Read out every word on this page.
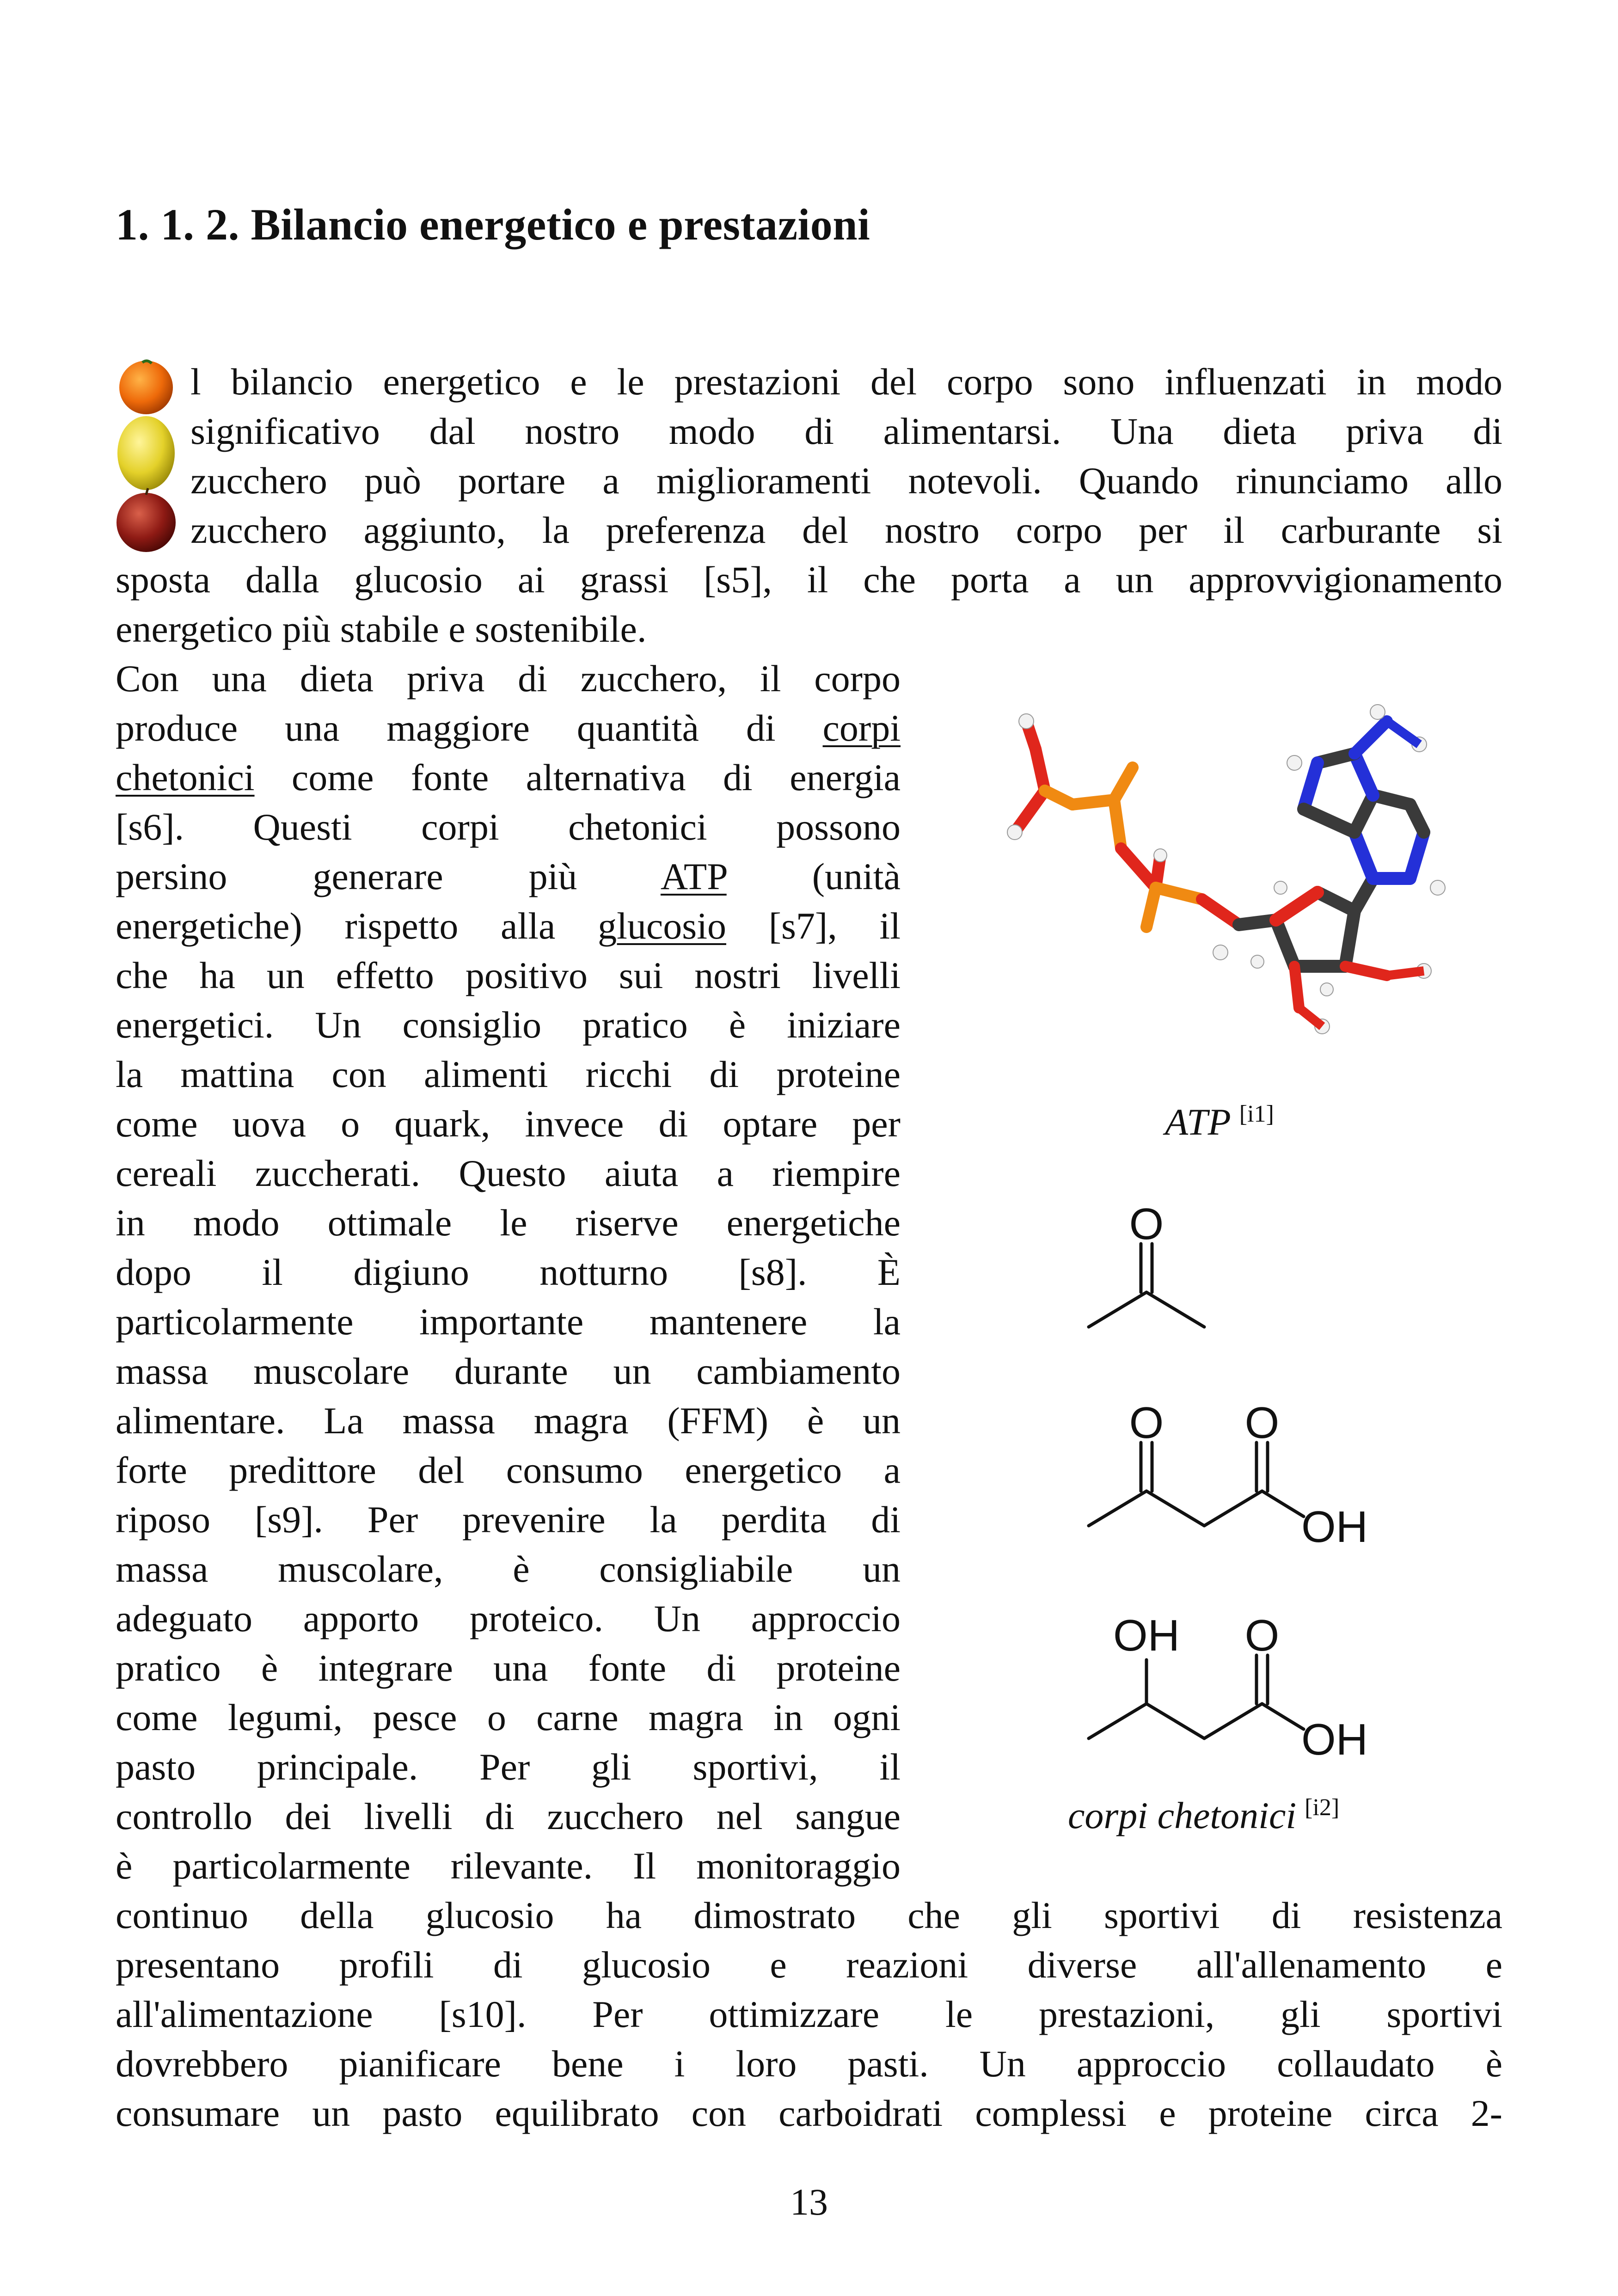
1. 1. 2. Bilancio energetico e prestazioni
l bilancio energetico e le prestazioni del corpo sono influenzati in modo
significativo dal nostro modo di alimentarsi. Una dieta priva di
zucchero può portare a miglioramenti notevoli. Quando rinunciamo allo
zucchero aggiunto, la preferenza del nostro corpo per il carburante si
sposta dalla glucosio ai grassi [s5], il che porta a un approvvigionamento
energetico più stabile e sostenibile.
Con una dieta priva di zucchero, il corpo
produce una maggiore quantità di corpi
chetonici come fonte alternativa di energia
[s6]. Questi corpi chetonici possono
persino generare più ATP (unità
energetiche) rispetto alla glucosio [s7], il
che ha un effetto positivo sui nostri livelli
energetici. Un consiglio pratico è iniziare
la mattina con alimenti ricchi di proteine
come uova o quark, invece di optare per
cereali zuccherati. Questo aiuta a riempire
in modo ottimale le riserve energetiche
dopo il digiuno notturno [s8]. È
particolarmente importante mantenere la
massa muscolare durante un cambiamento
alimentare. La massa magra (FFM) è un
forte predittore del consumo energetico a
riposo [s9]. Per prevenire la perdita di
massa muscolare, è consigliabile un
adeguato apporto proteico. Un approccio
pratico è integrare una fonte di proteine
come legumi, pesce o carne magra in ogni
pasto principale. Per gli sportivi, il
controllo dei livelli di zucchero nel sangue
è particolarmente rilevante. Il monitoraggio
continuo della glucosio ha dimostrato che gli sportivi di resistenza
presentano profili di glucosio e reazioni diverse all'allenamento e
all'alimentazione [s10]. Per ottimizzare le prestazioni, gli sportivi
dovrebbero pianificare bene i loro pasti. Un approccio collaudato è
consumare un pasto equilibrato con carboidrati complessi e proteine circa 2-
ATP [i1]
O
O O
OH
OH O
OH
corpi chetonici [i2]
13
